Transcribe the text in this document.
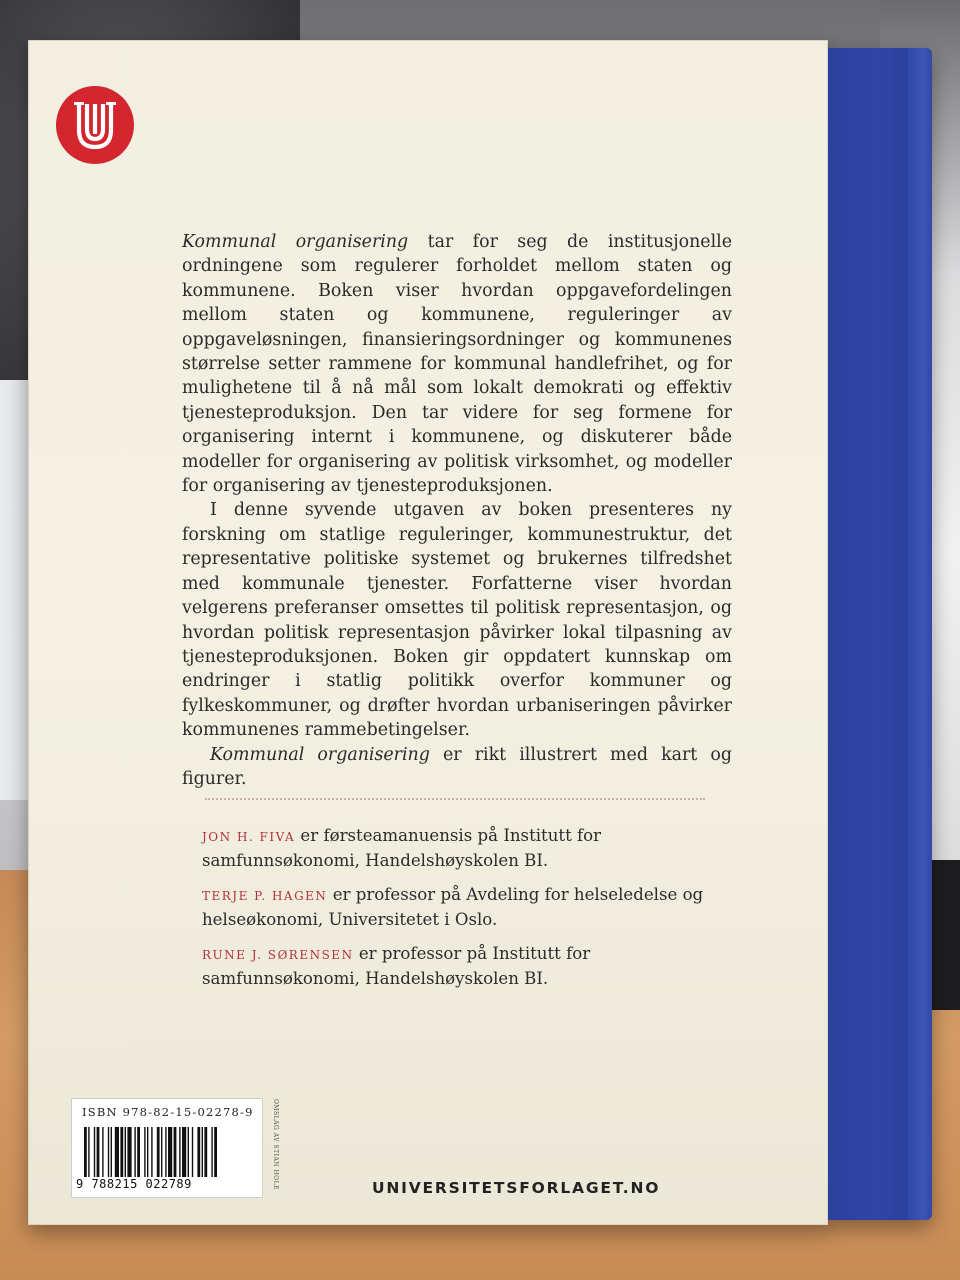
Kommunal organisering tar for seg de institusjonelle ordningene som regulerer forholdet mellom staten og kommunene. Boken viser hvordan oppgavefordelingen mellom staten og kommunene, reguleringer av oppgaveløsningen, finansieringsordninger og kommunenes størrelse setter rammene for kommunal handlefrihet, og for mulighetene til å nå mål som lokalt demokrati og effektiv tjenesteproduksjon. Den tar videre for seg formene for organisering internt i kommunene, og diskuterer både modeller for organisering av politisk virksomhet, og modeller for organisering av tjenesteproduksjonen.

I denne syvende utgaven av boken presenteres ny forskning om statlige reguleringer, kommunestruktur, det representative politiske systemet og brukernes tilfredshet med kommunale tjenester. Forfatterne viser hvordan velgerens preferanser omsettes til politisk representasjon, og hvordan politisk representasjon påvirker lokal tilpasning av tjenesteproduksjonen. Boken gir oppdatert kunnskap om endringer i statlig politikk overfor kommuner og fylkeskommuner, og drøfter hvordan urbaniseringen påvirker kommunenes rammebetingelser.

Kommunal organisering er rikt illustrert med kart og figurer.

JON H. FIVA er førsteamanuensis på Institutt for samfunnsøkonomi, Handelshøyskolen BI.

TERJE P. HAGEN er professor på Avdeling for helseledelse og helseøkonomi, Universitetet i Oslo.

RUNE J. SØRENSEN er professor på Institutt for samfunnsøkonomi, Handelshøyskolen BI.

ISBN 978-82-15-02278-9
9 788215 022789	OMSLAG AV STIAN HOLE	UNIVERSITETSFORLAGET.NO
